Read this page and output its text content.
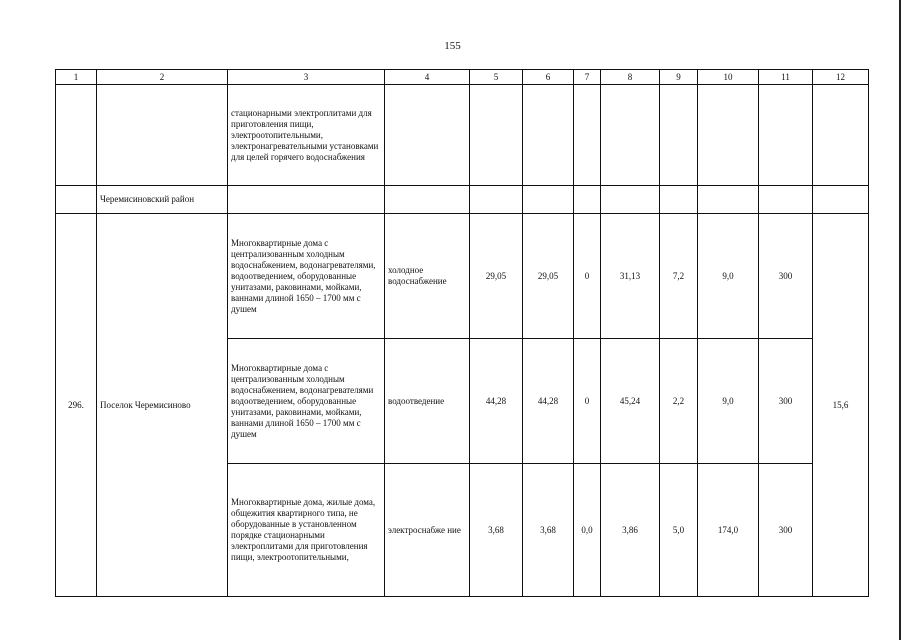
155
1	2	3	4	5	6	7	8	9	10	11	12
		стационарными электроплитами для приготовления пищи, электроотопительными, электронагревательными установками для целей горячего водоснабжения									
	Черемисиновский район										
296.	Поселок Черемисиново	Многоквартирные дома с централизованным холодным водоснабжением, водонагревателями, водоотведением, оборудованные унитазами, раковинами, мойками, ваннами длиной 1650 – 1700 мм с душем	холодное водоснабжение	29,05	29,05	0	31,13	7,2	9,0	300	15,6
		Многоквартирные дома с централизованным холодным водоснабжением, водонагревателями водоотведением, оборудованные унитазами, раковинами, мойками, ваннами длиной 1650 – 1700 мм с душем	водоотведение	44,28	44,28	0	45,24	2,2	9,0	300	
		Многоквартирные дома, жилые дома, общежития квартирного типа, не оборудованные в установленном порядке стационарными электроплитами для приготовления пищи, электроотопительными,	электроснабже ние	3,68	3,68	0,0	3,86	5,0	174,0	300	
